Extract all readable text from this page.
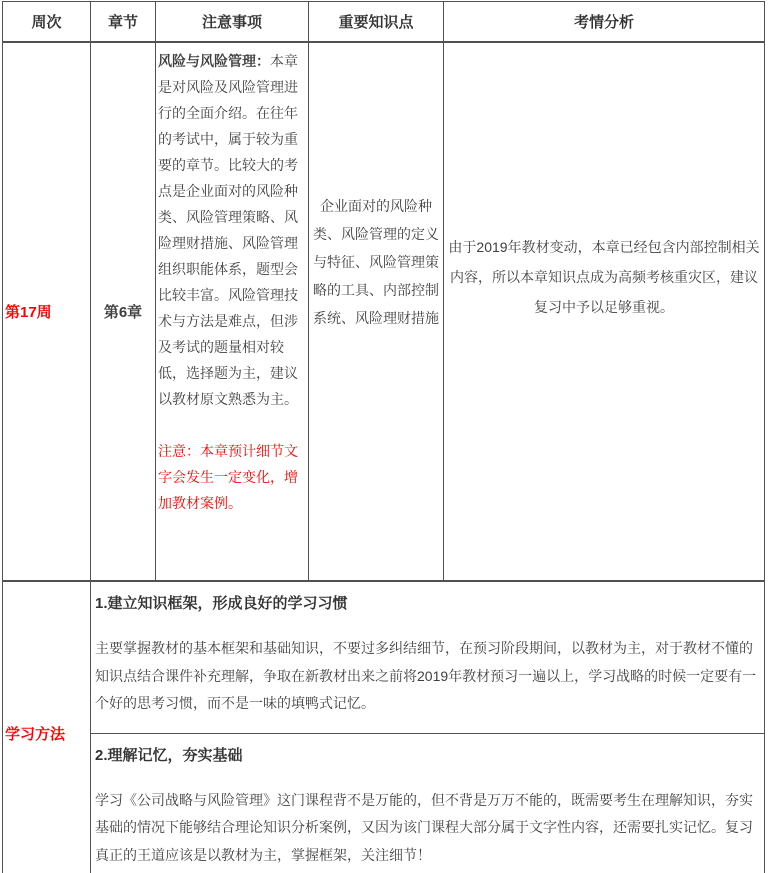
周次	章节	注意事项	重要知识点	考情分析
第17周	第6章	风险与风险管理：本章是对风险及风险管理进行的全面介绍。在往年的考试中，属于较为重要的章节。比较大的考点是企业面对的风险种类、风险管理策略、风险理财措施、风险管理组织职能体系，题型会比较丰富。风险管理技术与方法是难点，但涉及考试的题量相对较低，选择题为主，建议以教材原文熟悉为主。

注意：本章预计细节文字会发生一定变化，增加教材案例。	企业面对的风险种类、风险管理的定义与特征、风险管理策略的工具、内部控制系统、风险理财措施	由于2019年教材变动，本章已经包含内部控制相关内容，所以本章知识点成为高频考核重灾区，建议复习中予以足够重视。
学习方法	1.建立知识框架，形成良好的学习习惯

主要掌握教材的基本框架和基础知识，不要过多纠结细节，在预习阶段期间，以教材为主，对于教材不懂的知识点结合课件补充理解，争取在新教材出来之前将2019年教材预习一遍以上，学习战略的时候一定要有一个好的思考习惯，而不是一味的填鸭式记忆。			

	2.理解记忆，夯实基础

学习《公司战略与风险管理》这门课程背不是万能的，但不背是万万不能的，既需要考生在理解知识，夯实基础的情况下能够结合理论知识分析案例，又因为该门课程大部分属于文字性内容，还需要扎实记忆。复习真正的王道应该是以教材为主，掌握框架，关注细节！			
